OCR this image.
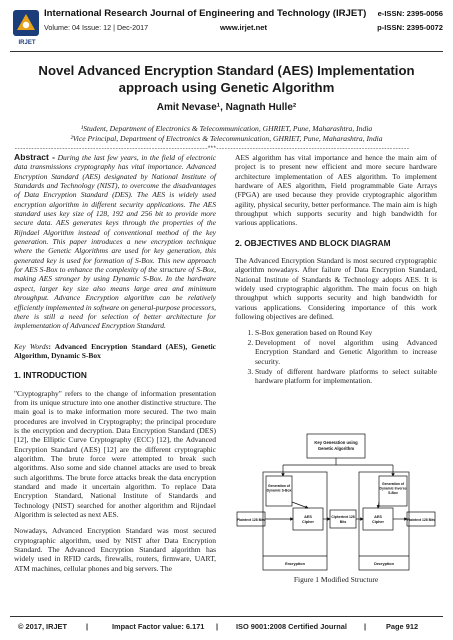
IRJET
International Research Journal of Engineering and Technology (IRJET)
Volume: 04 Issue: 12 | Dec-2017	www.irjet.net
e-ISSN: 2395-0056
p-ISSN: 2395-0072
Novel Advanced Encryption Standard (AES) Implementation approach using Genetic Algorithm
Amit Nevase¹, Nagnath Hulle²
¹Student, Department of Electronics & Telecommunication, GHRIET, Pune, Maharashtra, India
²Vice Principal, Department of Electronics & Telecommunication, GHRIET, Pune, Maharashtra, India
---------------------------------------------------------------------***---------------------------------------------------------------------

Abstract - During the last few years, in the field of electronic data transmissions cryptography has vital importance. Advanced Encryption Standard (AES) designated by National Institute of Standards and Technology (NIST), to overcome the disadvantages of Data Encryption Standard (DES). The AES is widely used encryption algorithm in different security applications. The AES standard uses key size of 128, 192 and 256 bit to provide more secure data. AES generates keys through the properties of the Rijndael Algorithm instead of conventional method of the key generation. This paper introduces a new encryption technique where the Genetic Algorithms are used for key generation, this generated key is used for formation of S-Box. This new approach for AES S-Box to enhance the complexity of the structure of S-Box, making AES stronger by using Dynamic S-Box. In the hardware aspect, larger key size also means large area and minimum throughput. Advance Encryption algorithm can be relatively efficiently implemented in software on general-purpose processors, there is still a need for selection of better architecture for implementation of Advanced Encryption Standard.

Key Words: Advanced Encryption Standard (AES), Genetic Algorithm, Dynamic S-Box

1. INTRODUCTION

"Cryptography" refers to the change of information presentation from its unique structure into one another distinctive structure. The main goal is to make information more secured. The two main procedures are involved in Cryptography; the principal procedure is the encryption and decryption. Data Encryption Standard (DES) [12], the Elliptic Curve Cryptography (ECC) [12], the Advanced Encryption Standard (AES) [12] are the different cryptographic algorithm. The brute force were attempted to break such algorithms. Also some and side channel attacks are used to break such algorithms. The brute force attacks break the data encryption standard and made it uncertain algorithm. To replace Data Encryption Standard, National Institute of Standards and Technology (NIST) searched for another algorithm and Rijndael Algorithm is selected as next AES.

Nowadays, Advanced Encryption Standard was most secured cryptographic algorithm, used by NIST after Data Encryption Standard. The Advanced Encryption Standard algorithm has widely used in RFID cards, firewalls, routers, firmware, UART, ATM machines, cellular phones and big servers. The

AES algorithm has vital importance and hence the main aim of project is to present new efficient and more secure hardware architecture implementation of AES algorithm. To implement hardware of AES algorithm, Field programmable Gate Arrays (FPGA) are used because they provide cryptographic algorithm agility, physical security, better performance. The main aim is high throughput which supports security and high bandwidth for various applications.

2. OBJECTIVES AND BLOCK DIAGRAM

The Advanced Encryption Standard is most secured cryptographic algorithm nowadays. After failure of Data Encryption Standard, National Institute of Standards & Technology adopts AES. It is widely used cryptographic algorithm. The main focus on high throughput which supports security and high bandwidth for various applications. Considering importance of this work following objectives are defined.

1. S-Box generation based on Round Key
2. Development of novel algorithm using Advanced Encryption Standard and Genetic Algorithm to increase security.
3. Study of different hardware platforms to select suitable hardware platform for implementation.
Key Generation using Genetic Algorithm
Generation of Dynamic S-Box
Generation of Dynamic Inverse S-Box
AES Cipher
AES Cipher
Plaintext 128 Bits	Plaintext 128 Bits
Ciphertext 128 Bits
Encryption	Decryption
Figure 1 Modified Structure
© 2017, IRJET	|	Impact Factor value: 6.171 | ISO 9001:2008 Certified Journal |	Page 912
